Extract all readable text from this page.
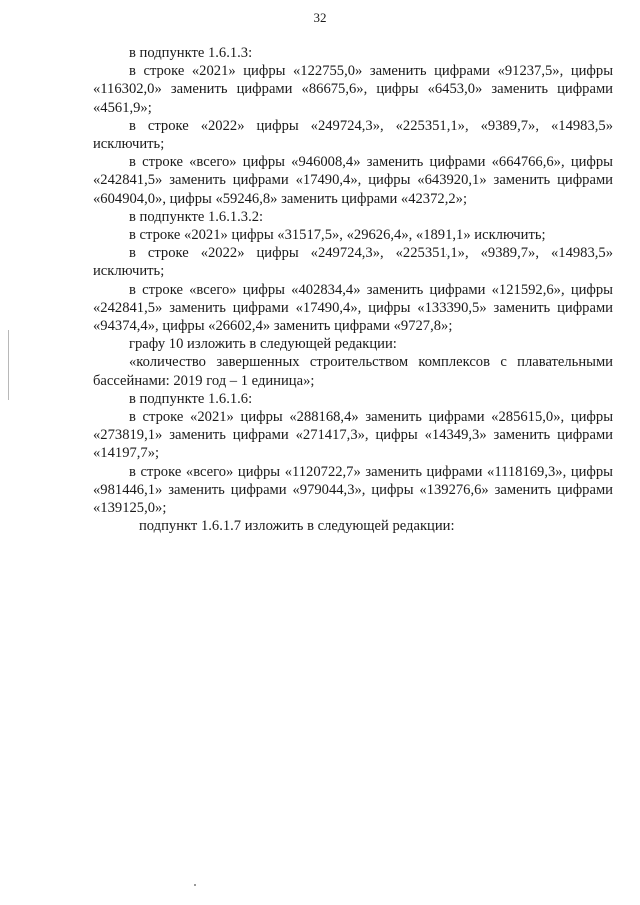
32

в подпункте 1.6.1.3:

в строке «2021» цифры «122755,0» заменить цифрами «91237,5», цифры «116302,0» заменить цифрами «86675,6», цифры «6453,0» заменить цифрами «4561,9»;

в строке «2022» цифры «249724,3», «225351,1», «9389,7», «14983,5» исключить;

в строке «всего» цифры «946008,4» заменить цифрами «664766,6», цифры «242841,5» заменить цифрами «17490,4», цифры «643920,1» заменить цифрами «604904,0», цифры «59246,8» заменить цифрами «42372,2»;

в подпункте 1.6.1.3.2:

в строке «2021» цифры «31517,5», «29626,4», «1891,1» исключить;

в строке «2022» цифры «249724,3», «225351,1», «9389,7», «14983,5» исключить;

в строке «всего» цифры «402834,4» заменить цифрами «121592,6», цифры «242841,5» заменить цифрами «17490,4», цифры «133390,5» заменить цифрами «94374,4», цифры «26602,4» заменить цифрами «9727,8»;

графу 10 изложить в следующей редакции:

«количество завершенных строительством комплексов с плавательными бассейнами: 2019 год – 1 единица»;

в подпункте 1.6.1.6:

в строке «2021» цифры «288168,4» заменить цифрами «285615,0», цифры «273819,1» заменить цифрами «271417,3», цифры «14349,3» заменить цифрами «14197,7»;

в строке «всего» цифры «1120722,7» заменить цифрами «1118169,3», цифры «981446,1» заменить цифрами «979044,3», цифры «139276,6» заменить цифрами «139125,0»;

подпункт 1.6.1.7 изложить в следующей редакции:
